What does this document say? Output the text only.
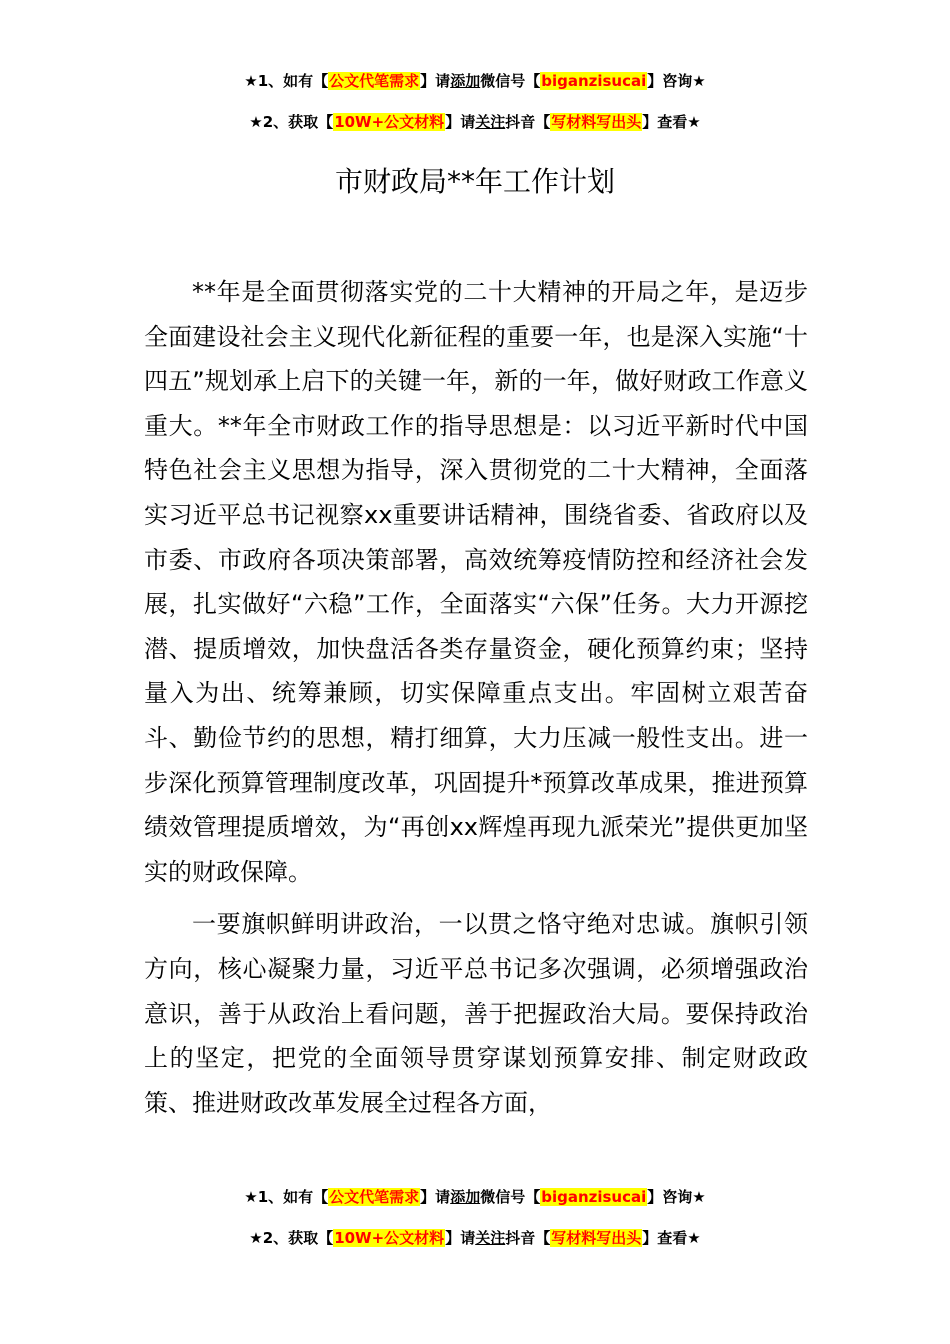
★1、如有【公文代笔需求】请添加微信号【biganzisucai】咨询★
★2、获取【10W+公文材料】请关注抖音【写材料写出头】查看★
市财政局**年工作计划

**年是全面贯彻落实党的二十大精神的开局之年，是迈步全面建设社会主义现代化新征程的重要一年，也是深入实施“十四五”规划承上启下的关键一年，新的一年，做好财政工作意义重大。**年全市财政工作的指导思想是：以习近平新时代中国特色社会主义思想为指导，深入贯彻党的二十大精神，全面落实习近平总书记视察xx重要讲话精神，围绕省委、省政府以及市委、市政府各项决策部署，高效统筹疫情防控和经济社会发展，扎实做好“六稳”工作，全面落实“六保”任务。大力开源挖潜、提质增效，加快盘活各类存量资金，硬化预算约束；坚持量入为出、统筹兼顾，切实保障重点支出。牢固树立艰苦奋斗、勤俭节约的思想，精打细算，大力压减一般性支出。进一步深化预算管理制度改革，巩固提升*预算改革成果，推进预算绩效管理提质增效，为“再创xx辉煌再现九派荣光”提供更加坚实的财政保障。

一要旗帜鲜明讲政治，一以贯之恪守绝对忠诚。旗帜引领方向，核心凝聚力量，习近平总书记多次强调，必须增强政治意识，善于从政治上看问题，善于把握政治大局。要保持政治上的坚定，把党的全面领导贯穿谋划预算安排、制定财政政策、推进财政改革发展全过程各方面，

★1、如有【公文代笔需求】请添加微信号【biganzisucai】咨询★
★2、获取【10W+公文材料】请关注抖音【写材料写出头】查看★
